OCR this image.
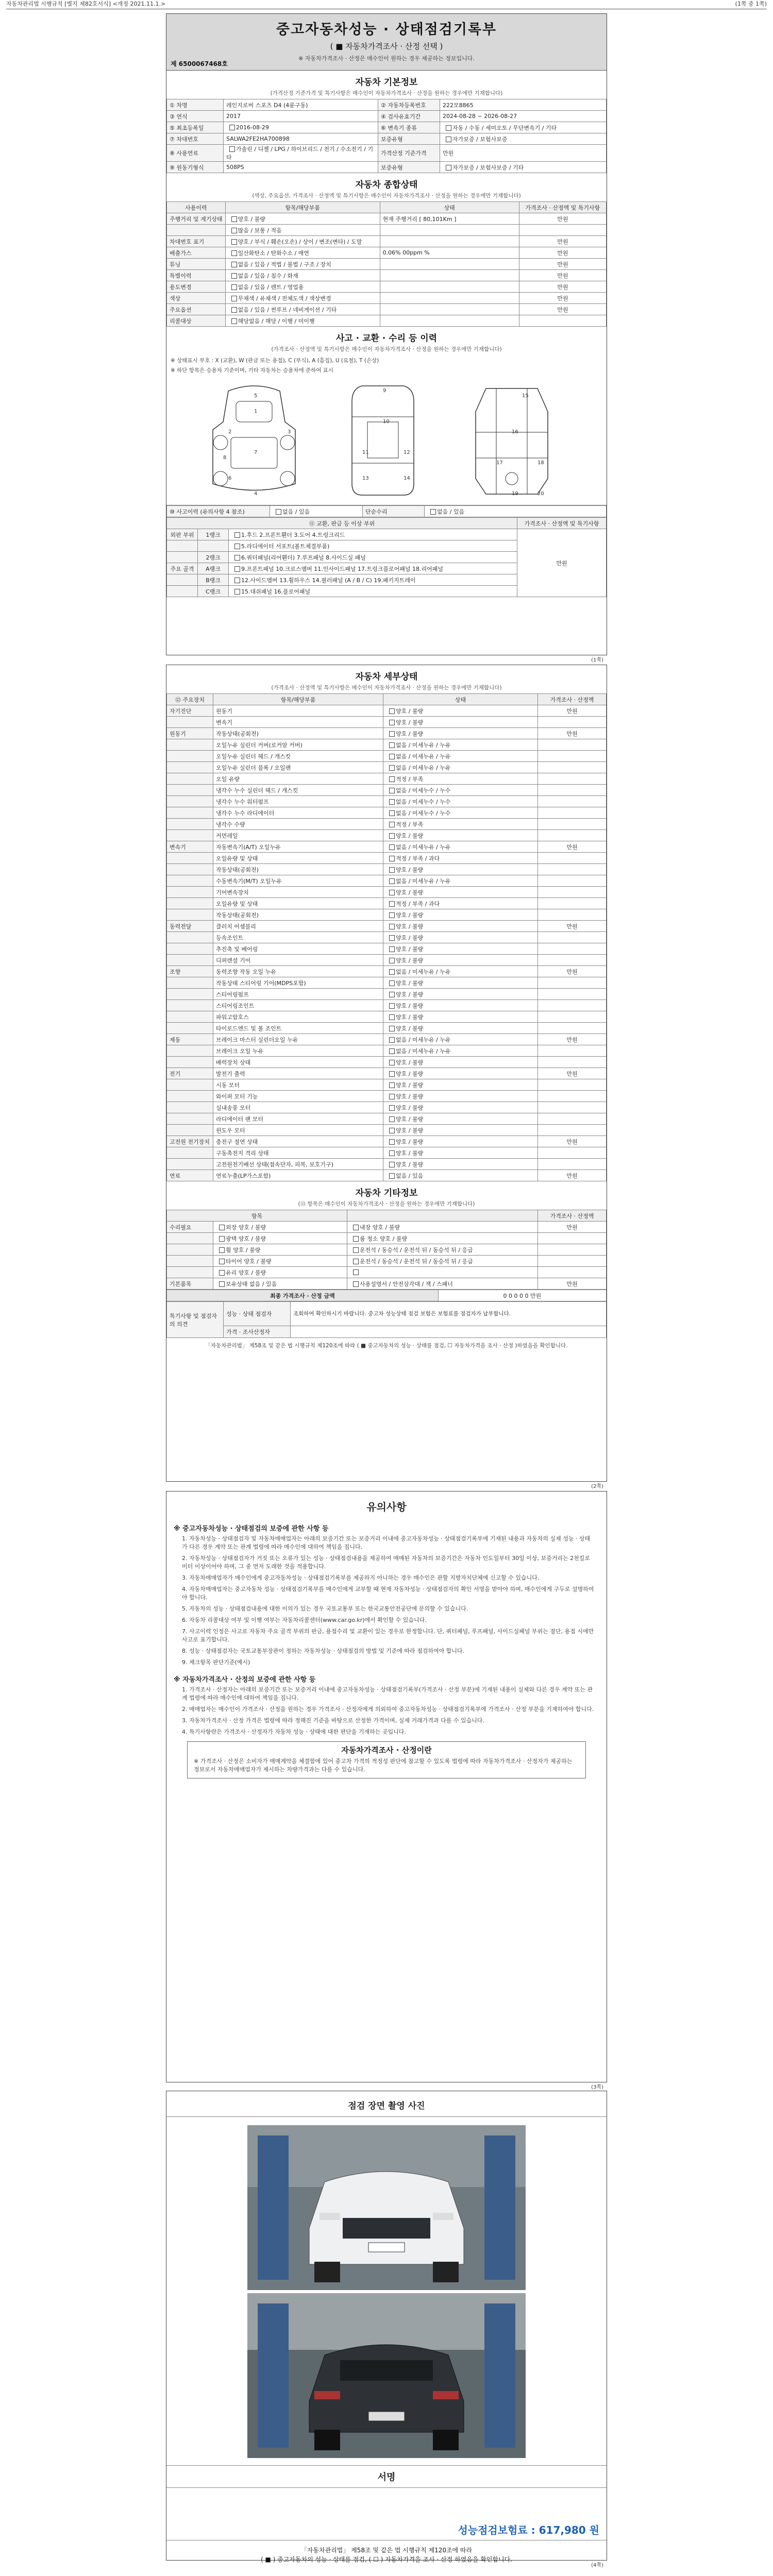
자동차관리법 시행규칙 [별지 제82호서식] <개정 2021.11.1.>	(1쪽 중 1쪽)
중고자동차성능 · 상태점검기록부
( ■ 자동차가격조사 · 산정 선택 )
※ 자동차가격조사 · 산정은 매수인이 원하는 경우 제공하는 정보입니다.
제 6500067468호
자동차 기본정보
(가격산정 기준가격 및 특기사항은 매수인이 자동차가격조사 · 산정을 원하는 경우에만 기재합니다)
① 차명	레인지로버 스포츠 D4 (4륜구동)	② 자동차등록번호	222모8865
③ 연식	2017	④ 검사유효기간	2024-08-28 ~ 2026-08-27
⑤ 최초등록일	2016-08-29	⑥ 변속기 종류	자동 / 수동 / 세미오토 / 무단변속기 / 기타
⑦ 차대번호	SALWA2FE2HA700898	보증유형	자가보증 / 보험사보증
⑧ 사용연료	가솔린 / 디젤 / LPG / 하이브리드 / 전기 / 수소전기 / 기타	가격산정 기준가격	만원
⑨ 원동기형식	508PS	보증유형	자가보증 / 보험사보증 / 기타
자동차 종합상태
(색상, 주요옵션, 가격조사 · 산정액 및 특기사항은 매수인이 자동차가격조사 · 산정을 원하는 경우에만 기재합니다)
사용이력	항목/해당부품	상태	가격조사 · 산정액 및 특기사항
주행거리 및 계기상태	양호 / 불량	현재 주행거리 [ 80,101Km ]	만원
	많음 / 보통 / 적음		
차대번호 표기	양호 / 부식 / 훼손(오손) / 상이 / 변조(변타) / 도말		만원
배출가스	일산화탄소 / 탄화수소 / 매연	0.06% 00ppm %	만원
튜닝	없음 / 있음 / 적법 / 불법 / 구조 / 장치		만원
특별이력	없음 / 있음 / 침수 / 화재		만원
용도변경	없음 / 있음 / 렌트 / 영업용		만원
색상	무채색 / 유채색 / 전체도색 / 색상변경		만원
주요옵션	없음 / 있음 / 썬루프 / 네비게이션 / 기타		만원
리콜대상	해당없음 / 해당 / 이행 / 미이행		
사고 · 교환 · 수리 등 이력
(가격조사 · 산정액 및 특기사항은 매수인이 자동차가격조사 · 산정을 원하는 경우에만 기재합니다)
※ 상태표시 부호 : X (교환), W (판금 또는 용접), C (부식), A (흠집), U (요철), T (손상)
※ 하단 항목은 승용차 기준이며, 기타 자동차는 승용차에 준하여 표시
1
2	3
4
5
6
7
8
9
10
11	12
13	14
15
16
17	18
19	20
⑩ 사고이력 (유의사항 4 참조)	없음 / 있음	단순수리	없음 / 있음
⑪ 교환, 판금 등 이상 부위			가격조사 · 산정액 및 특기사항
외판 부위	1랭크	1.후드 2.프론트휀더 3.도어 4.트렁크리드	만원
		5.라디에이터 서포트(볼트체결부품)	
	2랭크	6.쿼터패널(리어휀더) 7.루프패널 8.사이드실 패널	
주요 골격	A랭크	9.프론트패널 10.크로스멤버 11.인사이드패널 17.트렁크플로어패널 18.리어패널	
	B랭크	12.사이드멤버 13.휠하우스 14.필러패널 (A / B / C) 19.패키지트레이	
	C랭크	15.대쉬패널 16.플로어패널	
(1쪽)
자동차 세부상태
(가격조사 · 산정액 및 특기사항은 매수인이 자동차가격조사 · 산정을 원하는 경우에만 기재합니다)
⑫ 주요장치	항목/해당부품	상태	가격조사 · 산정액
자기진단	원동기	양호 / 불량	만원
	변속기	양호 / 불량	
원동기	작동상태(공회전)	양호 / 불량	만원
	오일누유 실린더 커버(로커암 커버)	없음 / 미세누유 / 누유	
	오일누유 실린더 헤드 / 개스킷	없음 / 미세누유 / 누유	
	오일누유 실린더 블록 / 오일팬	없음 / 미세누유 / 누유	
	오일 유량	적정 / 부족	
	냉각수 누수 실린더 헤드 / 개스킷	없음 / 미세누수 / 누수	
	냉각수 누수 워터펌프	없음 / 미세누수 / 누수	
	냉각수 누수 라디에이터	없음 / 미세누수 / 누수	
	냉각수 수량	적정 / 부족	
	커먼레일	양호 / 불량	
변속기	자동변속기(A/T) 오일누유	없음 / 미세누유 / 누유	만원
	오일유량 및 상태	적정 / 부족 / 과다	
	작동상태(공회전)	양호 / 불량	
	수동변속기(M/T) 오일누유	없음 / 미세누유 / 누유	
	기어변속장치	양호 / 불량	
	오일유량 및 상태	적정 / 부족 / 과다	
	작동상태(공회전)	양호 / 불량	
동력전달	클러치 어셈블리	양호 / 불량	만원
	등속조인트	양호 / 불량	
	추진축 및 베어링	양호 / 불량	
	디퍼렌셜 기어	양호 / 불량	
조향	동력조향 작동 오일 누유	없음 / 미세누유 / 누유	만원
	작동상태 스티어링 기어(MDPS포함)	양호 / 불량	
	스티어링펌프	양호 / 불량	
	스티어링조인트	양호 / 불량	
	파워고압호스	양호 / 불량	
	타이로드엔드 및 볼 조인트	양호 / 불량	
제동	브레이크 마스터 실린더오일 누유	없음 / 미세누유 / 누유	만원
	브레이크 오일 누유	없음 / 미세누유 / 누유	
	배력장치 상태	양호 / 불량	
전기	발전기 출력	양호 / 불량	만원
	시동 모터	양호 / 불량	
	와이퍼 모터 기능	양호 / 불량	
	실내송풍 모터	양호 / 불량	
	라디에이터 팬 모터	양호 / 불량	
	윈도우 모터	양호 / 불량	
고전원 전기장치	충전구 절연 상태	양호 / 불량	만원
	구동축전지 격리 상태	양호 / 불량	
	고전원전기배선 상태(접속단자, 피복, 보호기구)	양호 / 불량	
연료	연료누출(LP가스포함)	없음 / 있음	만원
자동차 기타정보
(⑬ 항목은 매수인이 자동차가격조사 · 산정을 원하는 경우에만 기재합니다)
항목			가격조사 · 산정액
수리필요	외장 양호 / 불량	내장 양호 / 불량	만원
	광택 양호 / 불량	룸 청소 양호 / 불량	
	휠 양호 / 불량	운전석 / 동승석 / 운전석 뒤 / 동승석 뒤 / 응급	
	타이어 양호 / 불량	운전석 / 동승석 / 운전석 뒤 / 동승석 뒤 / 응급	
	유리 양호 / 불량		
기본품목	보유상태 없음 / 있음	사용설명서 / 안전삼각대 / 잭 / 스패너	만원
최종 가격조사 · 산정 금액	0 0 0 0 0 만원
특기사항 및 점검자의 의견	성능 · 상태 점검자	조회하여 확인하시기 바랍니다. 중고차 성능상태 점검 보험은 보험료를 점검자가 납부합니다.
	가격 · 조사산정자	
「자동차관리법」 제58조 및 같은 법 시행규칙 제120조에 따라 ( ■ 중고자동차의 성능 · 상태를 점검, ☐ 자동차가격을 조사 · 산정 )하였음을 확인합니다.
(2쪽)
유의사항
※ 중고자동차성능 · 상태점검의 보증에 관한 사항 등
1. 자동차성능 · 상태점검자 및 자동차매매업자는 아래의 보증기간 또는 보증거리 이내에 중고자동차성능 · 상태점검기록부에 기재된 내용과 자동차의 실제 성능 · 상태가 다른 경우 계약 또는 관계 법령에 따라 매수인에 대하여 책임을 집니다.
2. 자동차성능 · 상태점검자가 거짓 또는 오류가 있는 성능 · 상태점검내용을 제공하여 매매된 자동차의 보증기간은 자동차 인도일부터 30일 이상, 보증거리는 2천킬로미터 이상이어야 하며, 그 중 먼저 도래한 것을 적용합니다.
3. 자동차매매업자가 매수인에게 중고자동차성능 · 상태점검기록부를 제공하지 아니하는 경우 매수인은 관할 지방자치단체에 신고할 수 있습니다.
4. 자동차매매업자는 중고자동차 성능 · 상태점검기록부를 매수인에게 교부할 때 현재 자동차성능 · 상태점검자의 확인 서명을 받아야 하며, 매수인에게 구두로 설명하여야 합니다.
5. 자동차의 성능 · 상태점검내용에 대한 이의가 있는 경우 국토교통부 또는 한국교통안전공단에 문의할 수 있습니다.
6. 자동차 리콜대상 여부 및 이행 여부는 자동차리콜센터(www.car.go.kr)에서 확인할 수 있습니다.
7. 사고이력 인정은 사고로 자동차 주요 골격 부위의 판금, 용접수리 및 교환이 있는 경우로 한정합니다. 단, 쿼터패널, 루프패널, 사이드실패널 부위는 절단, 용접 시에만 사고로 표기합니다.
8. 성능 · 상태점검자는 국토교통부장관이 정하는 자동차성능 · 상태점검의 방법 및 기준에 따라 점검하여야 합니다.
9. 체크항목 판단기준(예시)
※ 자동차가격조사 · 산정의 보증에 관한 사항 등
1. 가격조사 · 산정자는 아래의 보증기간 또는 보증거리 이내에 중고자동차성능 · 상태점검기록부(가격조사 · 산정 부분)에 기재된 내용이 실제와 다른 경우 계약 또는 관계 법령에 따라 매수인에 대하여 책임을 집니다.
2. 매매업자는 매수인이 가격조사 · 산정을 원하는 경우 가격조사 · 산정자에게 의뢰하여 중고자동차성능 · 상태점검기록부에 가격조사 · 산정 부분을 기재하여야 합니다.
3. 자동차가격조사 · 산정 가격은 법령에 따라 정해진 기준을 바탕으로 산정한 가격이며, 실제 거래가격과 다를 수 있습니다.
4. 특기사항란은 가격조사 · 산정자가 자동차 성능 · 상태에 대한 판단을 기재하는 곳입니다.
자동차가격조사 · 산정이란
※ 가격조사 · 산정은 소비자가 매매계약을 체결함에 있어 중고차 가격의 적정성 판단에 참고할 수 있도록 법령에 따라 자동차가격조사 · 산정자가 제공하는 정보로서 자동차매매업자가 제시하는 차량가격과는 다를 수 있습니다.
(3쪽)
점검 장면 촬영 사진
서명
성능점검보험료 : 617,980 원
「자동차관리법」 제58조 및 같은 법 시행규칙 제120조에 따라
( ■ ) 중고자동차의 성능 · 상태를 점검, ( ☐ ) 자동차가격을 조사 · 산정 하였음을 확인합니다.
(4쪽)
